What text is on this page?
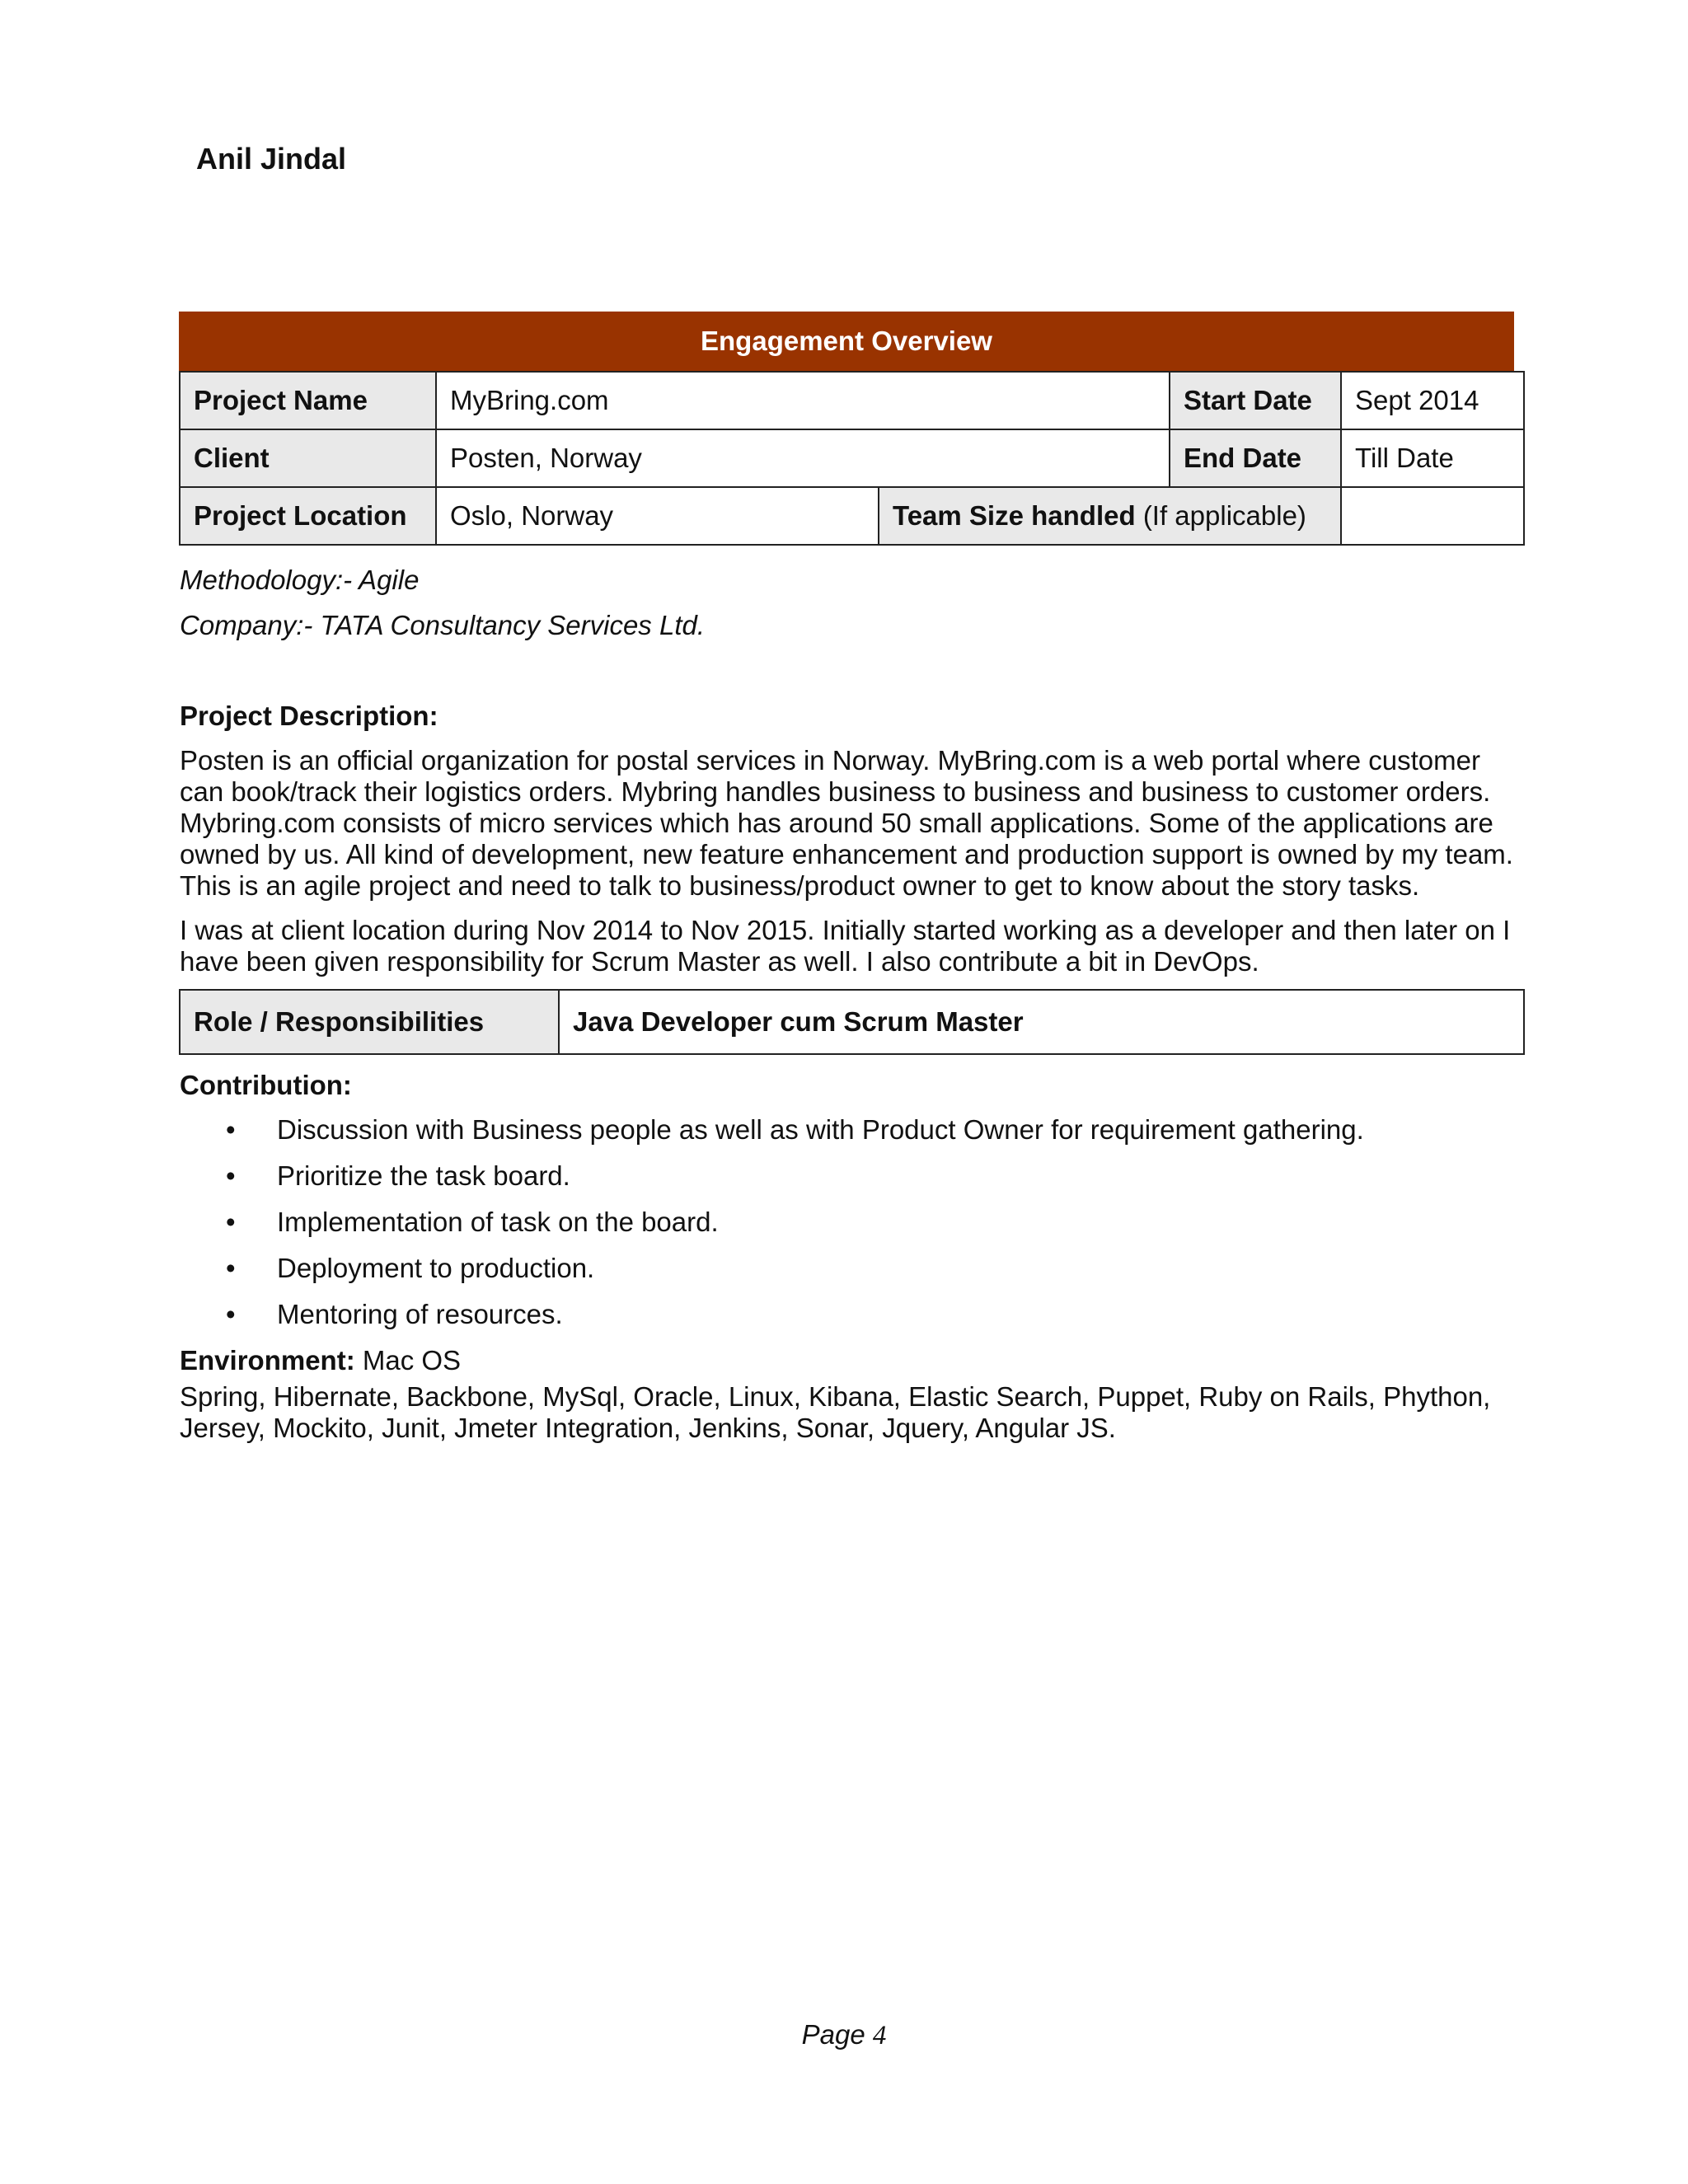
Anil Jindal
Engagement Overview
Project Name	MyBring.com		Start Date	Sept 2014
Client	Posten, Norway		End Date	Till Date
Project Location	Oslo, Norway	Team Size handled (If applicable)		
Methodology:- Agile
Company:- TATA Consultancy Services Ltd.
Project Description:

Posten is an official organization for postal services in Norway. MyBring.com is a web portal where customer can book/track their logistics orders. Mybring handles business to business and business to customer orders. Mybring.com consists of micro services which has around 50 small applications. Some of the applications are owned by us. All kind of development, new feature enhancement and production support is owned by my team. This is an agile project and need to talk to business/product owner to get to know about the story tasks.

I was at client location during Nov 2014 to Nov 2015. Initially started working as a developer and then later on I have been given responsibility for Scrum Master as well. I also contribute a bit in DevOps.

Role / Responsibilities	Java Developer cum Scrum Master
Contribution:
• Discussion with Business people as well as with Product Owner for requirement gathering.
• Prioritize the task board.
• Implementation of task on the board.
• Deployment to production.
• Mentoring of resources.
Environment: Mac OS

Spring, Hibernate, Backbone, MySql, Oracle, Linux, Kibana, Elastic Search, Puppet, Ruby on Rails, Phython, Jersey, Mockito, Junit, Jmeter Integration, Jenkins, Sonar, Jquery, Angular JS.

Page 4
